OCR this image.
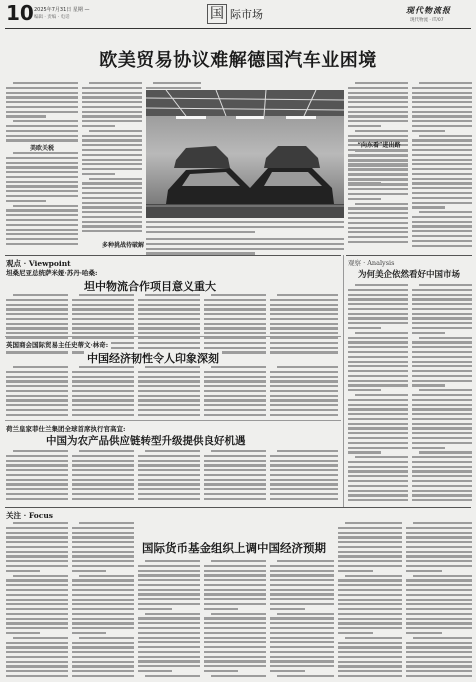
10 2025年7月31日 星期 —
编辑 · 责编 · 电话	国 际市场	现代物流报
现代物流 · IT/07
欧美贸易协议难解德国汽车业困境
美欧关税	“向东看”进出路
多种挑战待破解
观点 · Viewpoint
坦桑尼亚总统萨米娅·苏丹·哈桑:
坦中物流合作项目意义重大
英国商会国际贸易主任史蒂文·林奇:
中国经济韧性令人印象深刻
荷兰皇家菲仕兰集团全球首席执行官高宜:
中国为农产品供应链转型升级提供良好机遇
观察 · Analysis
为何美企依然看好中国市场
关注 · Focus
国际货币基金组织上调中国经济预期
